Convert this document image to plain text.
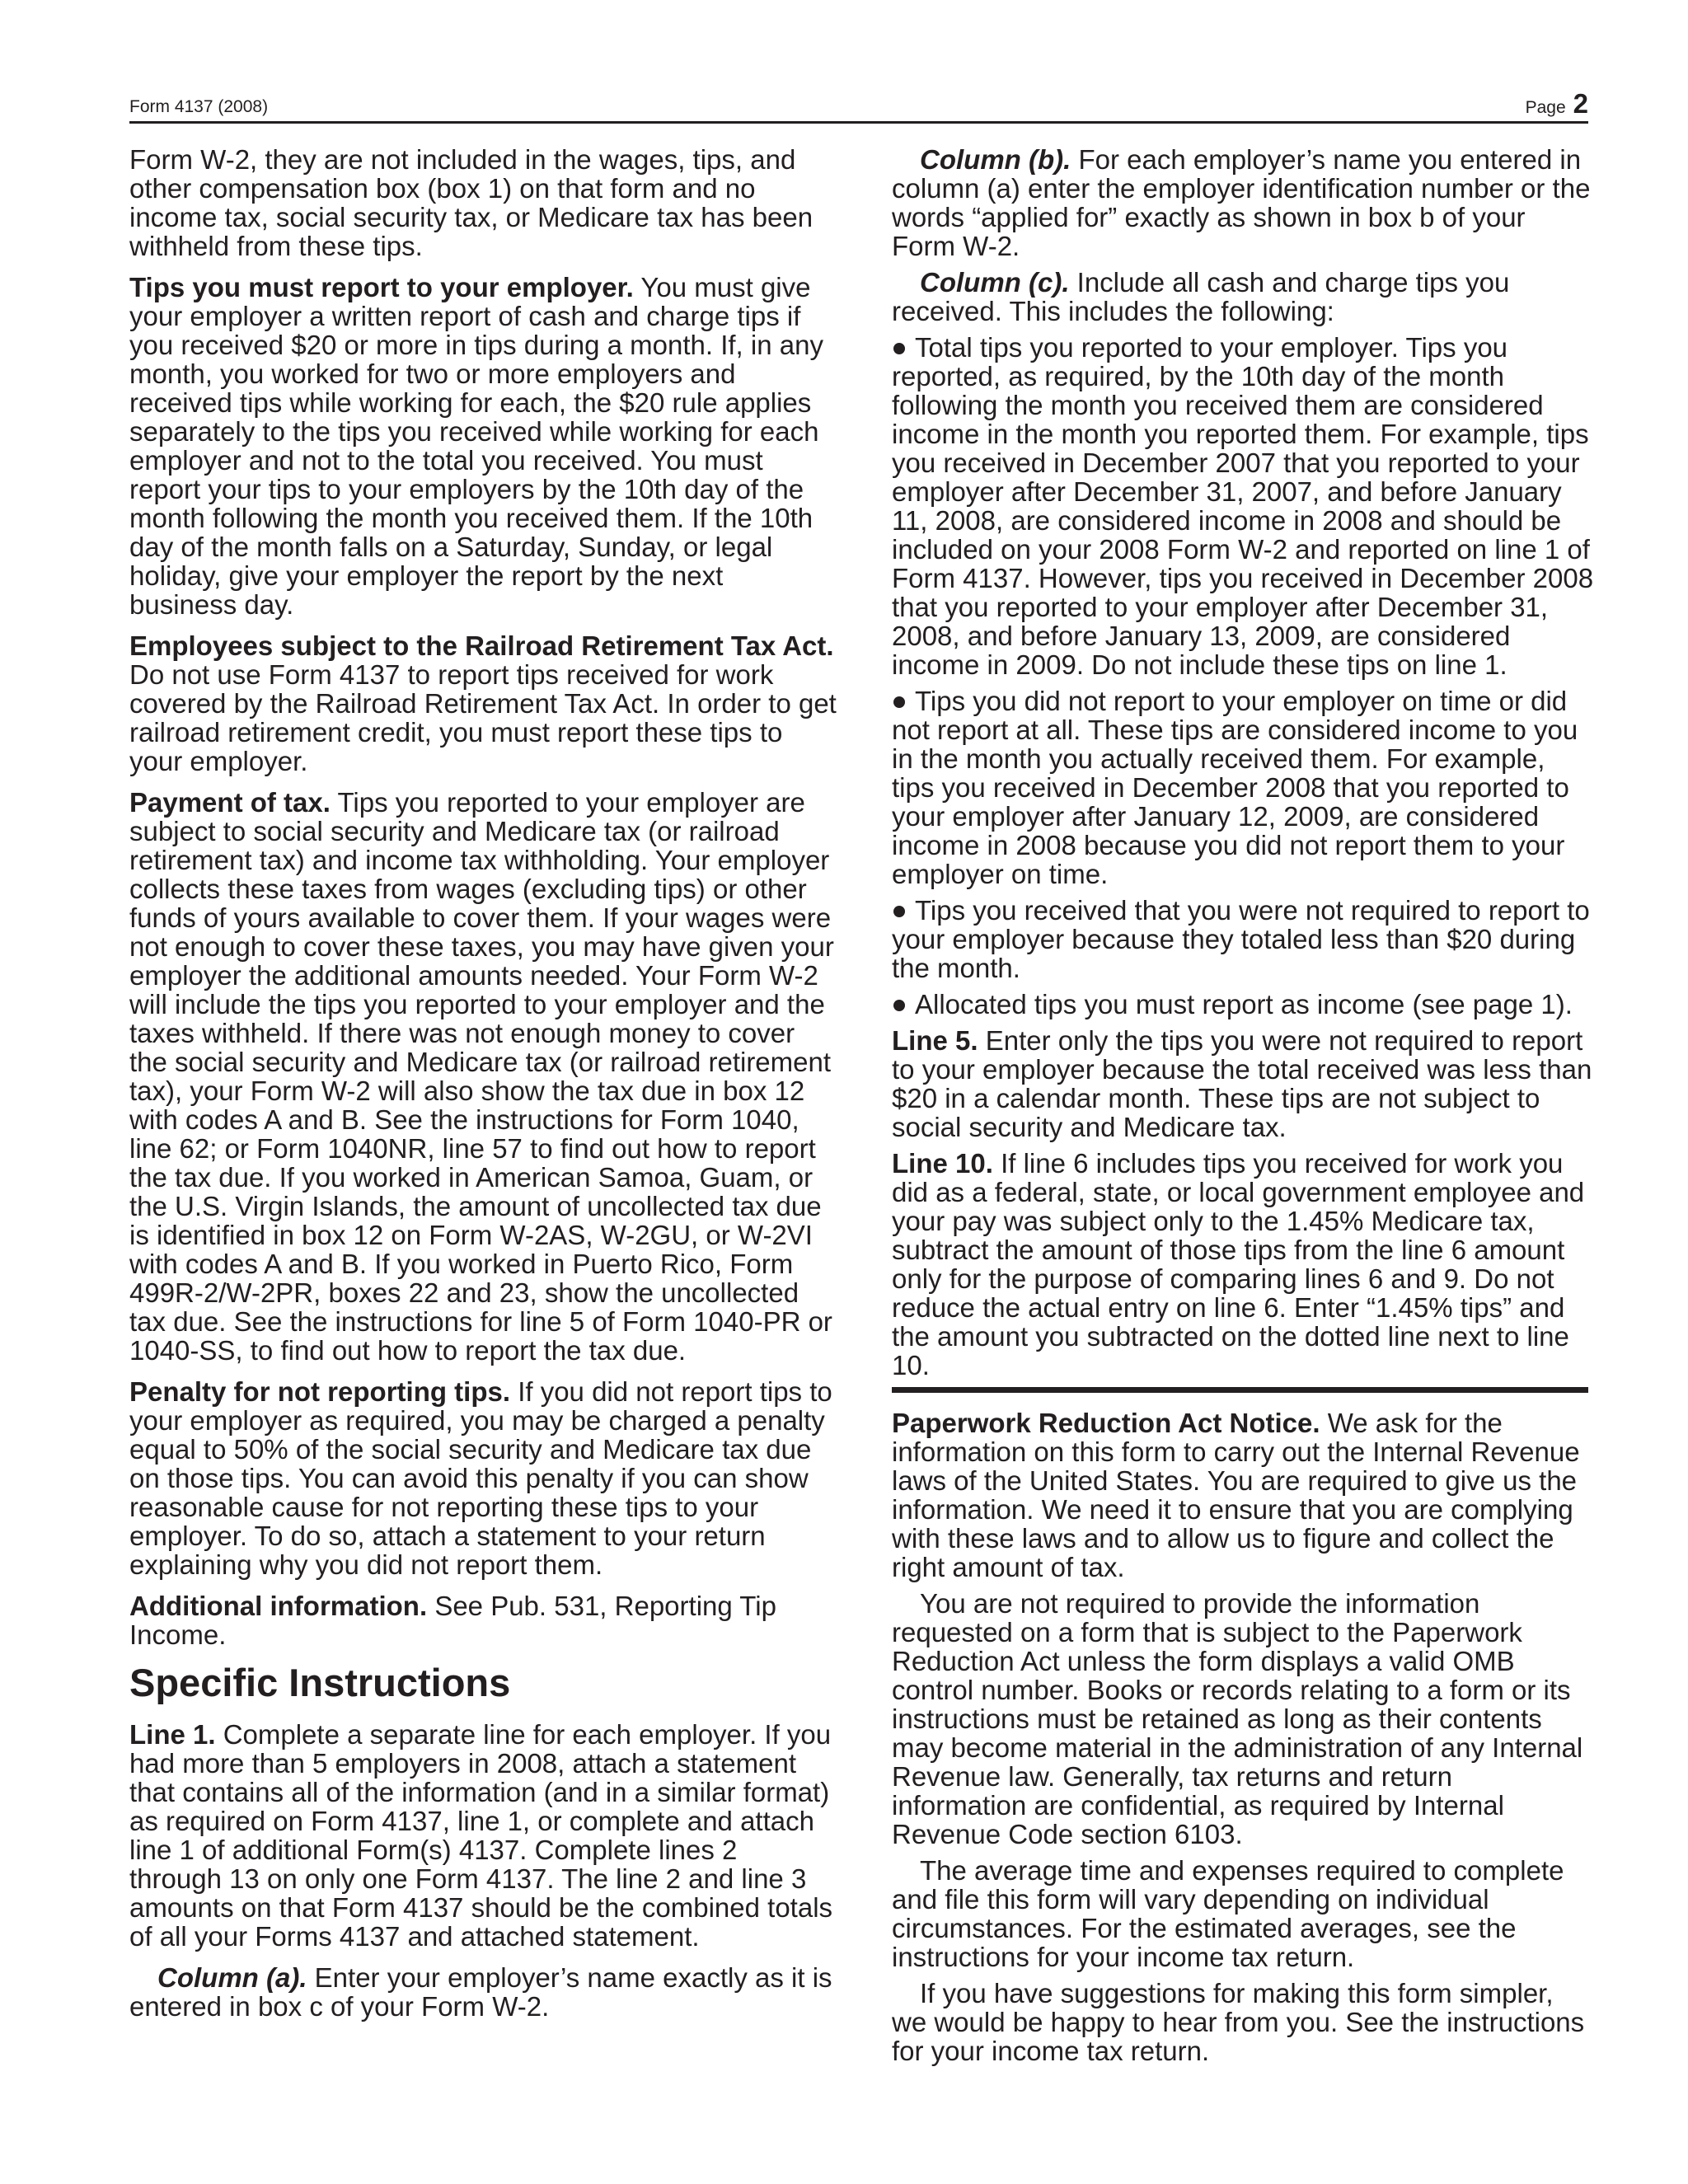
Form 4137 (2008)	Page 2

Form W-2, they are not included in the wages, tips, and other compensation box (box 1) on that form and no income tax, social security tax, or Medicare tax has been withheld from these tips.

Tips you must report to your employer. You must give your employer a written report of cash and charge tips if you received $20 or more in tips during a month. If, in any month, you worked for two or more employers and received tips while working for each, the $20 rule applies separately to the tips you received while working for each employer and not to the total you received. You must report your tips to your employers by the 10th day of the month following the month you received them. If the 10th day of the month falls on a Saturday, Sunday, or legal holiday, give your employer the report by the next business day.

Employees subject to the Railroad Retirement Tax Act. Do not use Form 4137 to report tips received for work covered by the Railroad Retirement Tax Act. In order to get railroad retirement credit, you must report these tips to your employer.

Payment of tax. Tips you reported to your employer are subject to social security and Medicare tax (or railroad retirement tax) and income tax withholding. Your employer collects these taxes from wages (excluding tips) or other funds of yours available to cover them. If your wages were not enough to cover these taxes, you may have given your employer the additional amounts needed. Your Form W-2 will include the tips you reported to your employer and the taxes withheld. If there was not enough money to cover the social security and Medicare tax (or railroad retirement tax), your Form W-2 will also show the tax due in box 12 with codes A and B. See the instructions for Form 1040, line 62; or Form 1040NR, line 57 to find out how to report the tax due. If you worked in American Samoa, Guam, or the U.S. Virgin Islands, the amount of uncollected tax due is identified in box 12 on Form W-2AS, W-2GU, or W-2VI with codes A and B. If you worked in Puerto Rico, Form 499R-2/W-2PR, boxes 22 and 23, show the uncollected tax due. See the instructions for line 5 of Form 1040-PR or 1040-SS, to find out how to report the tax due.

Penalty for not reporting tips. If you did not report tips to your employer as required, you may be charged a penalty equal to 50% of the social security and Medicare tax due on those tips. You can avoid this penalty if you can show reasonable cause for not reporting these tips to your employer. To do so, attach a statement to your return explaining why you did not report them.

Additional information. See Pub. 531, Reporting Tip Income.

Specific Instructions

Line 1. Complete a separate line for each employer. If you had more than 5 employers in 2008, attach a statement that contains all of the information (and in a similar format) as required on Form 4137, line 1, or complete and attach line 1 of additional Form(s) 4137. Complete lines 2 through 13 on only one Form 4137. The line 2 and line 3 amounts on that Form 4137 should be the combined totals of all your Forms 4137 and attached statement.

Column (a). Enter your employer’s name exactly as it is entered in box c of your Form W-2.

Column (b). For each employer’s name you entered in column (a) enter the employer identification number or the words “applied for” exactly as shown in box b of your Form W-2.

Column (c). Include all cash and charge tips you received. This includes the following:

Total tips you reported to your employer. Tips you reported, as required, by the 10th day of the month following the month you received them are considered income in the month you reported them. For example, tips you received in December 2007 that you reported to your employer after December 31, 2007, and before January 11, 2008, are considered income in 2008 and should be included on your 2008 Form W-2 and reported on line 1 of Form 4137. However, tips you received in December 2008 that you reported to your employer after December 31, 2008, and before January 13, 2009, are considered income in 2009. Do not include these tips on line 1.

Tips you did not report to your employer on time or did not report at all. These tips are considered income to you in the month you actually received them. For example, tips you received in December 2008 that you reported to your employer after January 12, 2009, are considered income in 2008 because you did not report them to your employer on time.

Tips you received that you were not required to report to your employer because they totaled less than $20 during the month.

Allocated tips you must report as income (see page 1).

Line 5. Enter only the tips you were not required to report to your employer because the total received was less than $20 in a calendar month. These tips are not subject to social security and Medicare tax.

Line 10. If line 6 includes tips you received for work you did as a federal, state, or local government employee and your pay was subject only to the 1.45% Medicare tax, subtract the amount of those tips from the line 6 amount only for the purpose of comparing lines 6 and 9. Do not reduce the actual entry on line 6. Enter “1.45% tips” and the amount you subtracted on the dotted line next to line 10.

Paperwork Reduction Act Notice. We ask for the information on this form to carry out the Internal Revenue laws of the United States. You are required to give us the information. We need it to ensure that you are complying with these laws and to allow us to figure and collect the right amount of tax.

You are not required to provide the information requested on a form that is subject to the Paperwork Reduction Act unless the form displays a valid OMB control number. Books or records relating to a form or its instructions must be retained as long as their contents may become material in the administration of any Internal Revenue law. Generally, tax returns and return information are confidential, as required by Internal Revenue Code section 6103.

The average time and expenses required to complete and file this form will vary depending on individual circumstances. For the estimated averages, see the instructions for your income tax return.

If you have suggestions for making this form simpler, we would be happy to hear from you. See the instructions for your income tax return.
